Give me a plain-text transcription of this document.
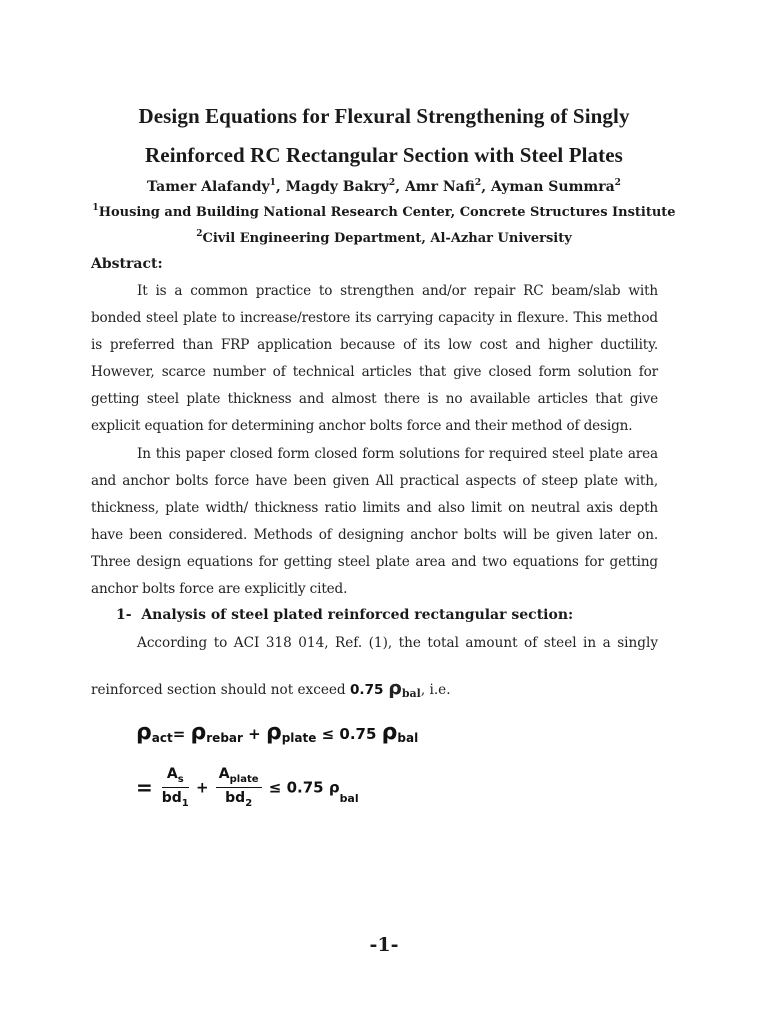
Design Equations for Flexural Strengthening of Singly
Reinforced RC Rectangular Section with Steel Plates
Tamer Alafandy$^1$, Magdy Bakry$^2$, Amr Nafi$^2$, Ayman Summra$^2$
$^1$Housing and Building National Research Center, Concrete Structures Institute
$^2$Civil Engineering Department, Al-Azhar University
Abstract:
It is a common practice to strengthen and/or repair RC beam/slab with bonded steel plate to increase/restore its carrying capacity in flexure. This method is preferred than FRP application because of its low cost and higher ductility. However, scarce number of technical articles that give closed form solution for getting steel plate thickness and almost there is no available articles that give explicit equation for determining anchor bolts force and their method of design.
In this paper closed form closed form solutions for required steel plate area and anchor bolts force have been given All practical aspects of steep plate with, thickness, plate width/ thickness ratio limits and also limit on neutral axis depth have been considered. Methods of designing anchor bolts will be given later on. Three design equations for getting steel plate area and two equations for getting anchor bolts force are explicitly cited.
1- Analysis of steel plated reinforced rectangular section:
According to ACI 318 014, Ref. (1), the total amount of steel in a singly
reinforced section should not exceed 0.75 $\rho_{bal}$, i.e.
$\rho_{act}= \rho_{rebar} + \rho_{plate} \le 0.75$ $\rho_{bal}$
= $\frac{A_s}{bd_1} + \frac{A_{plate}}{bd_2} \le 0.75$ $\rho_{bal}$
-1-
